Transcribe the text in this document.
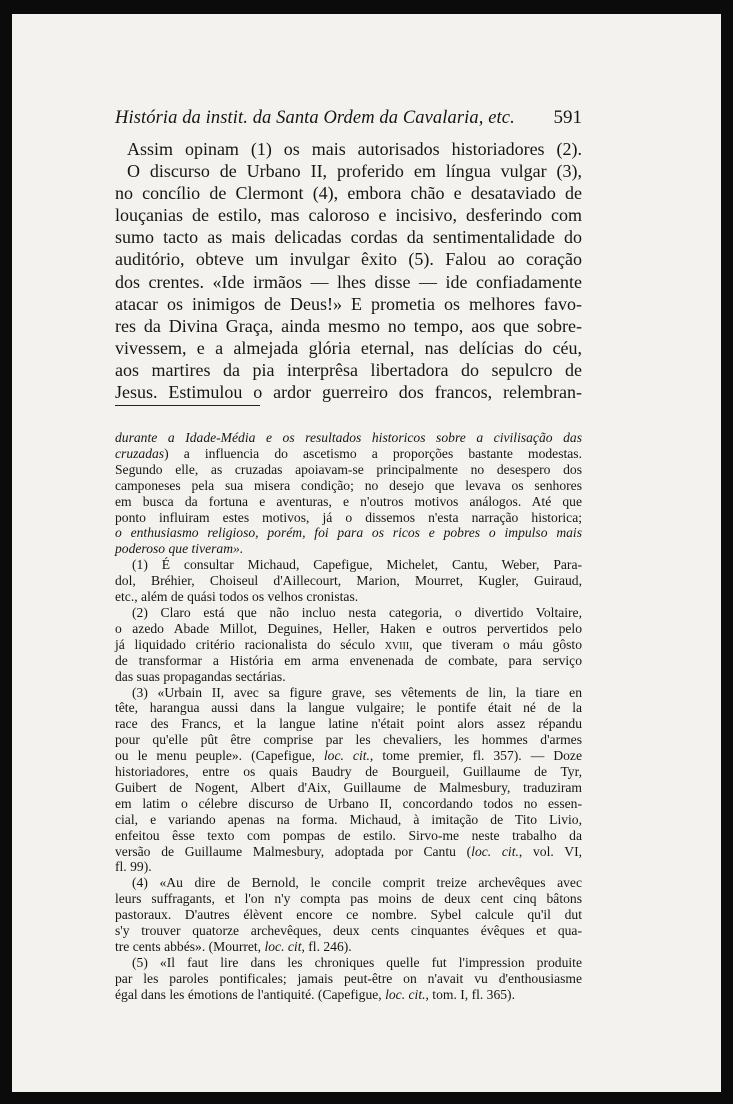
História da instit. da Santa Ordem da Cavalaria, etc. 591
Assim opinam (1) os mais autorisados historiadores (2).
O discurso de Urbano II, proferido em língua vulgar (3),
no concílio de Clermont (4), embora chão e desataviado de
louçanias de estilo, mas caloroso e incisivo, desferindo com
sumo tacto as mais delicadas cordas da sentimentalidade do
auditório, obteve um invulgar êxito (5). Falou ao coração
dos crentes. «Ide irmãos — lhes disse — ide confiadamente
atacar os inimigos de Deus!» E prometia os melhores favo-
res da Divina Graça, ainda mesmo no tempo, aos que sobre-
vivessem, e a almejada glória eternal, nas delícias do céu,
aos martires da pia interprêsa libertadora do sepulcro de
Jesus. Estimulou o ardor guerreiro dos francos, relembran-
durante a Idade-Média e os resultados historicos sobre a civilisação das
cruzadas) a influencia do ascetismo a proporções bastante modestas.
Segundo elle, as cruzadas apoiavam-se principalmente no desespero dos
camponeses pela sua misera condição; no desejo que levava os senhores
em busca da fortuna e aventuras, e n'outros motivos análogos. Até que
ponto influiram estes motivos, já o dissemos n'esta narração historica;
o enthusiasmo religioso, porém, foi para os ricos e pobres o impulso mais
poderoso que tiveram».
(1) É consultar Michaud, Capefigue, Michelet, Cantu, Weber, Para-
dol, Bréhier, Choiseul d'Aillecourt, Marion, Mourret, Kugler, Guiraud,
etc., além de quási todos os velhos cronistas.
(2) Claro está que não incluo nesta categoria, o divertido Voltaire,
o azedo Abade Millot, Deguines, Heller, Haken e outros pervertidos pelo
já liquidado critério racionalista do século xviii, que tiveram o máu gôsto
de transformar a História em arma envenenada de combate, para serviço
das suas propagandas sectárias.
(3) «Urbain II, avec sa figure grave, ses vêtements de lin, la tiare en
tête, harangua aussi dans la langue vulgaire; le pontife était né de la
race des Francs, et la langue latine n'était point alors assez répandu
pour qu'elle pût être comprise par les chevaliers, les hommes d'armes
ou le menu peuple». (Capefigue, loc. cit., tome premier, fl. 357). — Doze
historiadores, entre os quais Baudry de Bourgueil, Guillaume de Tyr,
Guibert de Nogent, Albert d'Aix, Guillaume de Malmesbury, traduziram
em latim o célebre discurso de Urbano II, concordando todos no essen-
cial, e variando apenas na forma. Michaud, à imitação de Tito Livio,
enfeitou êsse texto com pompas de estilo. Sirvo-me neste trabalho da
versão de Guillaume Malmesbury, adoptada por Cantu (loc. cit., vol. VI,
fl. 99).
(4) «Au dire de Bernold, le concile comprit treize archevêques avec
leurs suffragants, et l'on n'y compta pas moins de deux cent cinq bâtons
pastoraux. D'autres élèvent encore ce nombre. Sybel calcule qu'il dut
s'y trouver quatorze archevêques, deux cents cinquantes évêques et qua-
tre cents abbés». (Mourret, loc. cit, fl. 246).
(5) «Il faut lire dans les chroniques quelle fut l'impression produite
par les paroles pontificales; jamais peut-être on n'avait vu d'enthousiasme
égal dans les émotions de l'antiquité. (Capefigue, loc. cit., tom. I, fl. 365).
